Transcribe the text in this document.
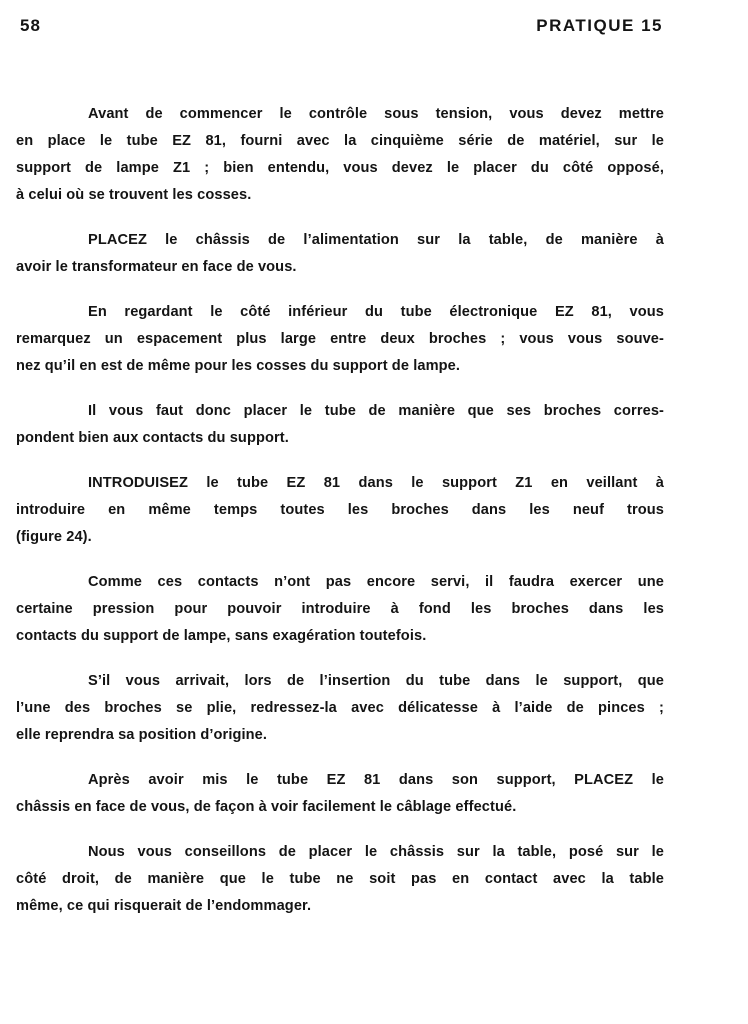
58	PRATIQUE 15
Avant de commencer le contrôle sous tension, vous devez mettre
en place le tube EZ 81, fourni avec la cinquième série de matériel, sur le
support de lampe Z1 ; bien entendu, vous devez le placer du côté opposé,
à celui où se trouvent les cosses.
PLACEZ le châssis de l’alimentation sur la table, de manière à
avoir le transformateur en face de vous.
En regardant le côté inférieur du tube électronique EZ 81, vous
remarquez un espacement plus large entre deux broches ; vous vous souve-
nez qu’il en est de même pour les cosses du support de lampe.
Il vous faut donc placer le tube de manière que ses broches corres-
pondent bien aux contacts du support.
INTRODUISEZ le tube EZ 81 dans le support Z1 en veillant à
introduire en même temps toutes les broches dans les neuf trous
(figure 24).
Comme ces contacts n’ont pas encore servi, il faudra exercer une
certaine pression pour pouvoir introduire à fond les broches dans les
contacts du support de lampe, sans exagération toutefois.
S’il vous arrivait, lors de l’insertion du tube dans le support, que
l’une des broches se plie, redressez-la avec délicatesse à l’aide de pinces ;
elle reprendra sa position d’origine.
Après avoir mis le tube EZ 81 dans son support, PLACEZ le
châssis en face de vous, de façon à voir facilement le câblage effectué.
Nous vous conseillons de placer le châssis sur la table, posé sur le
côté droit, de manière que le tube ne soit pas en contact avec la table
même, ce qui risquerait de l’endommager.
